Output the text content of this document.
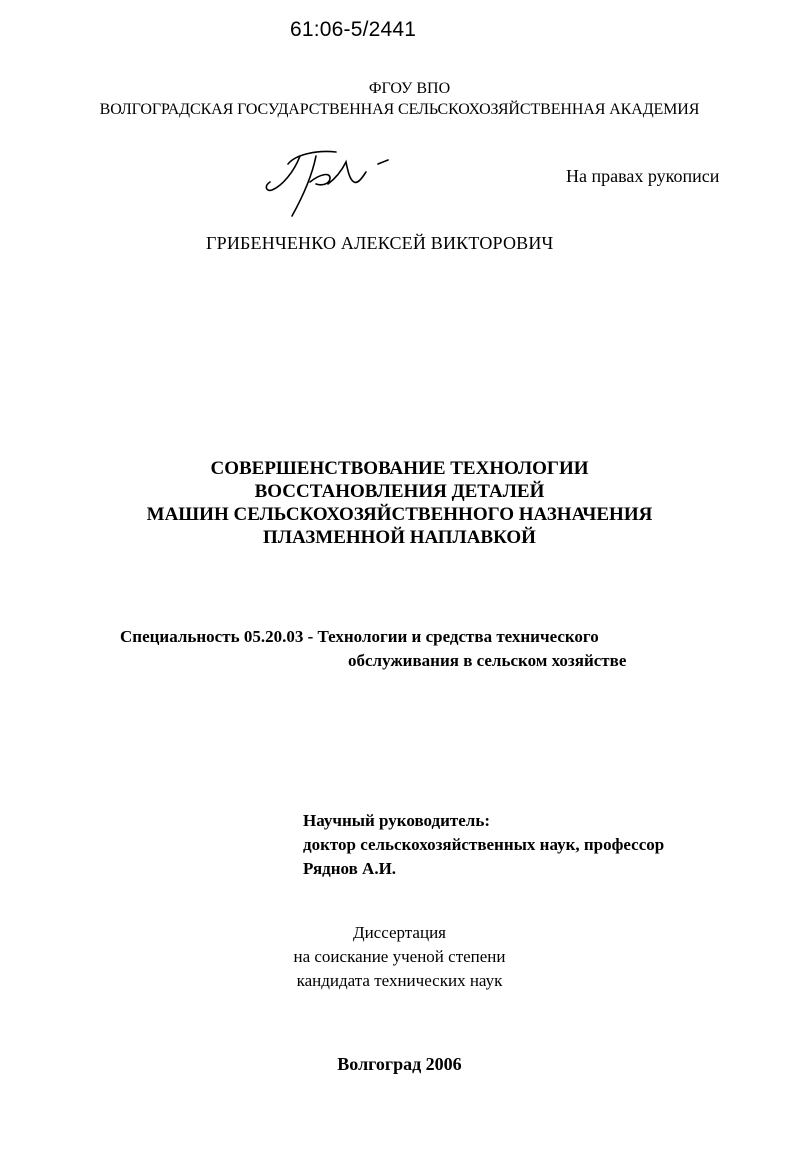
61:06-5/2441

ФГОУ ВПО

ВОЛГОГРАДСКАЯ ГОСУДАРСТВЕННАЯ СЕЛЬСКОХОЗЯЙСТВЕННАЯ АКАДЕМИЯ

На правах рукописи

ГРИБЕНЧЕНКО АЛЕКСЕЙ ВИКТОРОВИЧ

СОВЕРШЕНСТВОВАНИЕ ТЕХНОЛОГИИ
ВОССТАНОВЛЕНИЯ ДЕТАЛЕЙ
МАШИН СЕЛЬСКОХОЗЯЙСТВЕННОГО НАЗНАЧЕНИЯ
ПЛАЗМЕННОЙ НАПЛАВКОЙ

Специальность 05.20.03 - Технологии и средства технического

обслуживания в сельском хозяйстве

Научный руководитель:
доктор сельскохозяйственных наук, профессор
Ряднов А.И.
Диссертация
на соискание ученой степени
кандидата технических наук

Волгоград 2006
